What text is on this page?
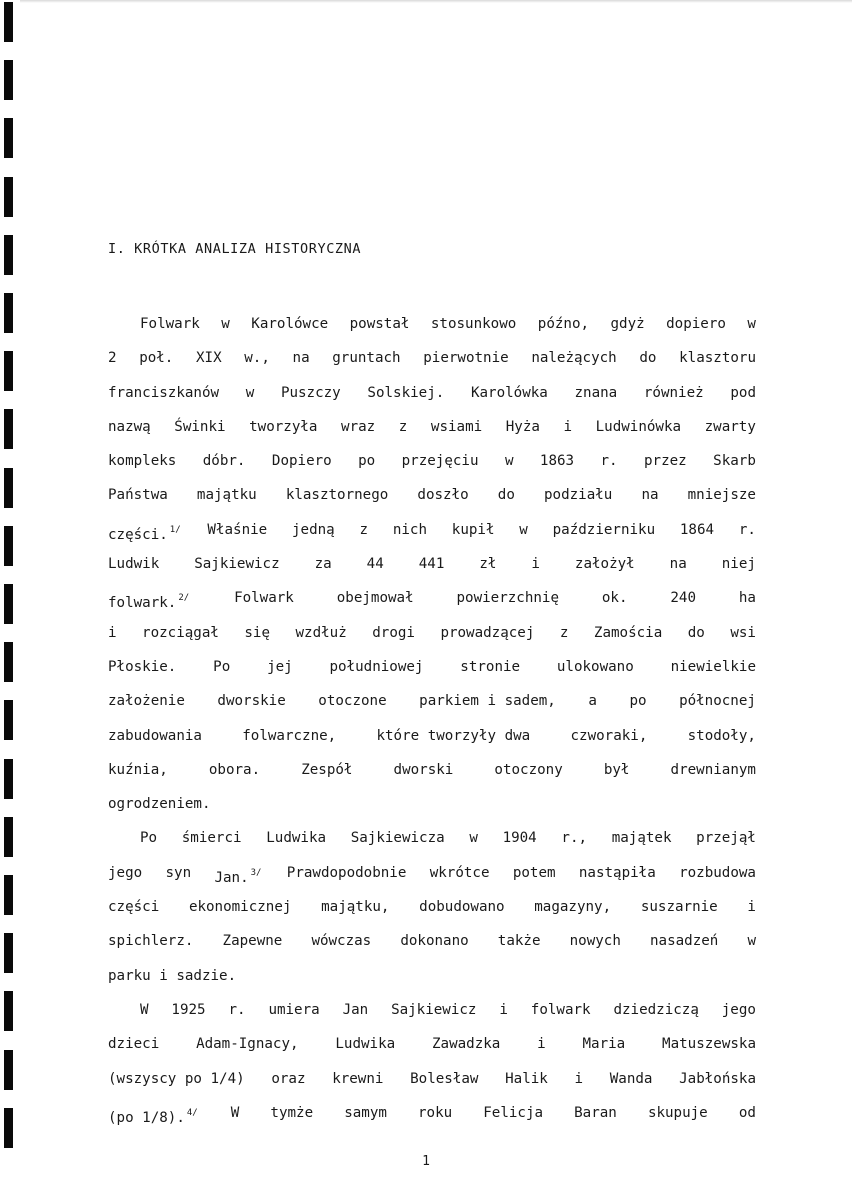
I. KRÓTKA ANALIZA HISTORYCZNA
Folwark w Karolówce powstał stosunkowo późno, gdyż dopiero w
2 poł. XIX w., na gruntach pierwotnie należących do klasztoru
franciszkanów w Puszczy Solskiej. Karolówka znana również pod
nazwą Świnki tworzyła wraz z wsiami Hyża i Ludwinówka zwarty
kompleks dóbr. Dopiero po przejęciu w 1863 r. przez Skarb
Państwa majątku klasztornego doszło do podziału na mniejsze
części. $^{1/}$ Właśnie jedną z nich kupił w październiku 1864 r.
Ludwik Sajkiewicz za 44 441 zł i założył na niej
folwark. $^{2/}$	Folwark	obejmował	powierzchnię	ok.	240	ha
i rozciągał się wzdłuż drogi prowadzącej z Zamościa do wsi
Płoskie.	Po	jej	południowej	stronie	ulokowano	niewielkie
założenie dworskie otoczone parkiem i sadem, a po północnej
zabudowania	folwarczne,	które tworzyły dwa	czworaki,	stodoły,
kuźnia,	obora.	Zespół	dworski	otoczony	był	drewnianym
ogrodzeniem.
Po śmierci Ludwika Sajkiewicza w 1904 r., majątek przejął
jego syn Jan. $^{3/}$ Prawdopodobnie wkrótce potem nastąpiła rozbudowa
części ekonomicznej majątku, dobudowano magazyny, suszarnie i
spichlerz. Zapewne wówczas dokonano także nowych nasadzeń w
parku i sadzie.
W 1925 r. umiera Jan Sajkiewicz i folwark dziedziczą jego
dzieci	Adam-Ignacy,	Ludwika	Zawadzka	i	Maria	Matuszewska
(wszyscy po 1/4) oraz krewni Bolesław Halik i Wanda Jabłońska
(po 1/8). $^{4/}$ W tymże samym roku Felicja Baran skupuje od
1
